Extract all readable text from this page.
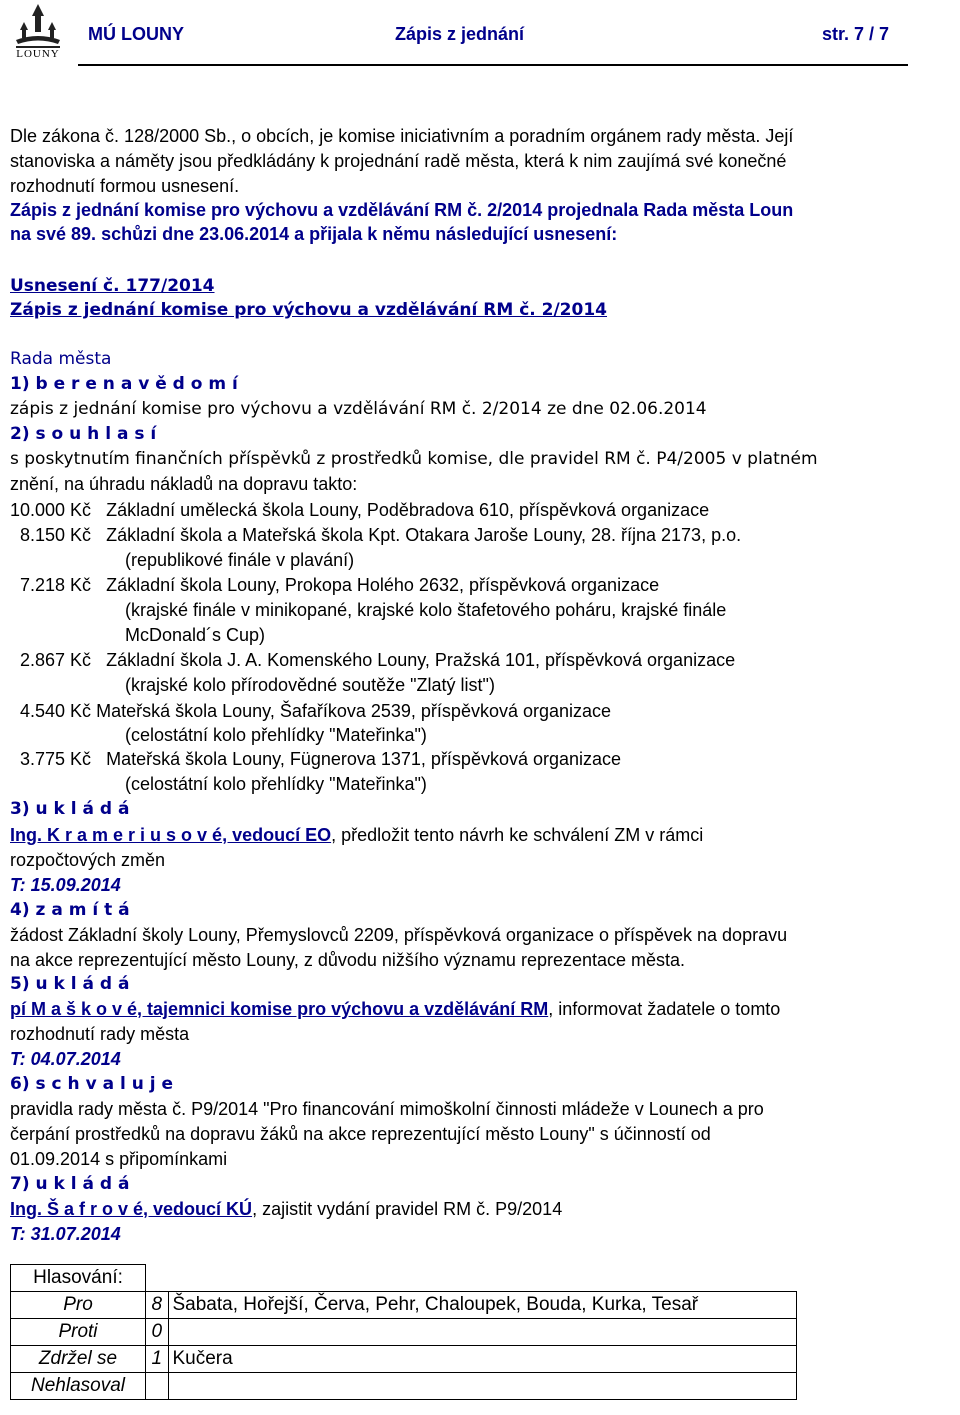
LOUNY
MÚ LOUNY	Zápis z jednání	str. 7 / 7
Dle zákona č. 128/2000 Sb., o obcích, je komise iniciativním a poradním orgánem rady města. Její
stanoviska a náměty jsou předkládány k projednání radě města, která k nim zaujímá své konečné
rozhodnutí formou usnesení.
Zápis z jednání komise pro výchovu a vzdělávání RM č. 2/2014 projednala Rada města Loun
na své 89. schůzi dne 23.06.2014 a přijala k němu následující usnesení:
Usnesení č. 177/2014
Zápis z jednání komise pro výchovu a vzdělávání RM č. 2/2014
Rada města
1) b e r e n a v ě d o m í
zápis z jednání komise pro výchovu a vzdělávání RM č. 2/2014 ze dne 02.06.2014
2) s o u h l a s í
s poskytnutím finančních příspěvků z prostředků komise, dle pravidel RM č. P4/2005 v platném
znění, na úhradu nákladů na dopravu takto:
10.000 Kč Základní umělecká škola Louny, Poděbradova 610, příspěvková organizace
8.150 Kč Základní škola a Mateřská škola Kpt. Otakara Jaroše Louny, 28. října 2173, p.o.
(republikové finále v plavání)
7.218 Kč Základní škola Louny, Prokopa Holého 2632, příspěvková organizace
(krajské finále v minikopané, krajské kolo štafetového poháru, krajské finále
McDonald´s Cup)
2.867 Kč Základní škola J. A. Komenského Louny, Pražská 101, příspěvková organizace
(krajské kolo přírodovědné soutěže "Zlatý list")
4.540 Kč Mateřská škola Louny, Šafaříkova 2539, příspěvková organizace
(celostátní kolo přehlídky "Mateřinka")
3.775 Kč Mateřská škola Louny, Fügnerova 1371, příspěvková organizace
(celostátní kolo přehlídky "Mateřinka")
3) u k l á d á
Ing. K r a m e r i u s o v é, vedoucí EO, předložit tento návrh ke schválení ZM v rámci
rozpočtových změn
T: 15.09.2014
4) z a m í t á
žádost Základní školy Louny, Přemyslovců 2209, příspěvková organizace o příspěvek na dopravu
na akce reprezentující město Louny, z důvodu nižšího významu reprezentace města.
5) u k l á d á
pí M a š k o v é, tajemnici komise pro výchovu a vzdělávání RM, informovat žadatele o tomto
rozhodnutí rady města
T: 04.07.2014
6) s c h v a l u j e
pravidla rady města č. P9/2014 "Pro financování mimoškolní činnosti mládeže v Lounech a pro
čerpání prostředků na dopravu žáků na akce reprezentující město Louny" s účinností od
01.09.2014 s připomínkami
7) u k l á d á
Ing. Š a f r o v é, vedoucí KÚ, zajistit vydání pravidel RM č. P9/2014
T: 31.07.2014
Hlasování:		
Pro	8	Šabata, Hořejší, Červa, Pehr, Chaloupek, Bouda, Kurka, Tesař
Proti	0	
Zdržel se	1	Kučera
Nehlasoval		
